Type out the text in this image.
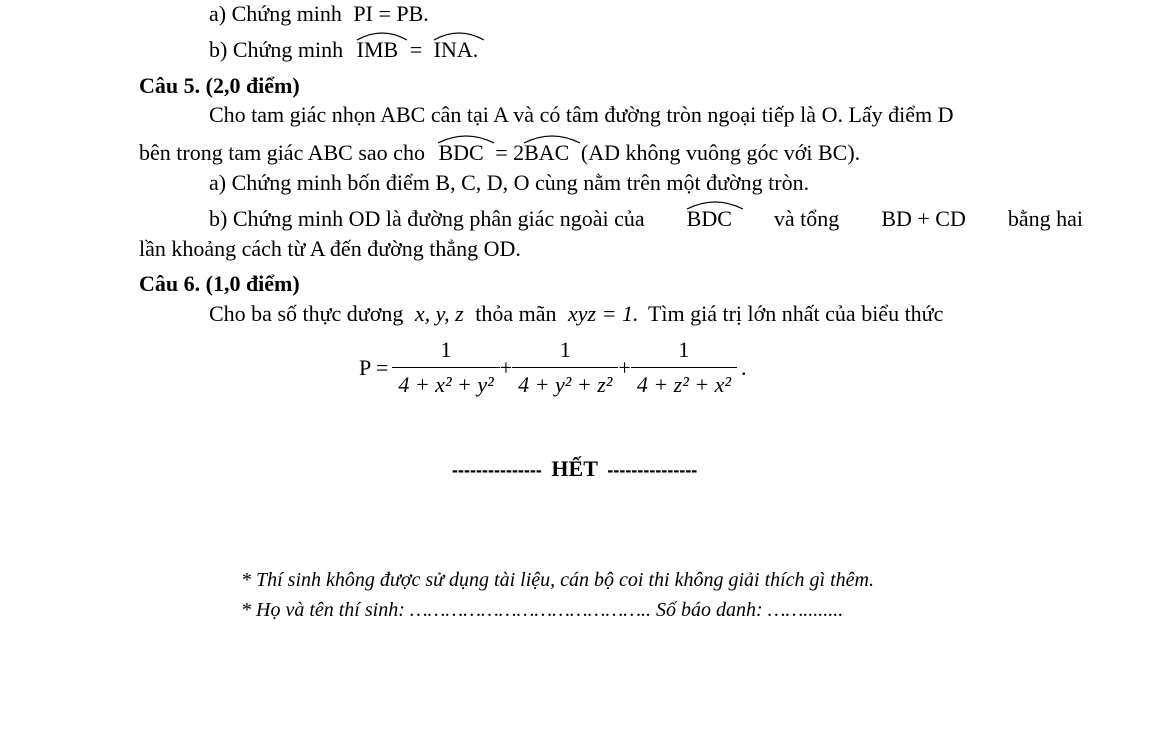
a) Chứng minh PI = PB.
b) Chứng minh IMB = INA.
Câu 5. (2,0 điểm)
Cho tam giác nhọn ABC cân tại A và có tâm đường tròn ngoại tiếp là O. Lấy điểm D
bên trong tam giác ABC sao cho BDC = 2
BAC (AD không vuông góc với BC).
a) Chứng minh bốn điểm B, C, D, O cùng nằm trên một đường tròn.
b) Chứng minh OD là đường phân giác ngoài của BDC và tổng BD + CD bằng hai
lần khoảng cách từ A đến đường thẳng OD.
Câu 6. (1,0 điểm)
Cho ba số thực dương x, y, z thỏa mãn xyz = 1. Tìm giá trị lớn nhất của biểu thức
$P = \frac{1}{\text{4 + x² + y²}} + \frac{1}{\text{4 + y² + z²}} + \frac{1}{\text{4 + z² + x²}}$ .
--------------- HẾT ---------------
* Thí sinh không được sử dụng tài liệu, cán bộ coi thi không giải thích gì thêm.
* Họ và tên thí sinh: ………………………………….. Số báo danh: ……........
